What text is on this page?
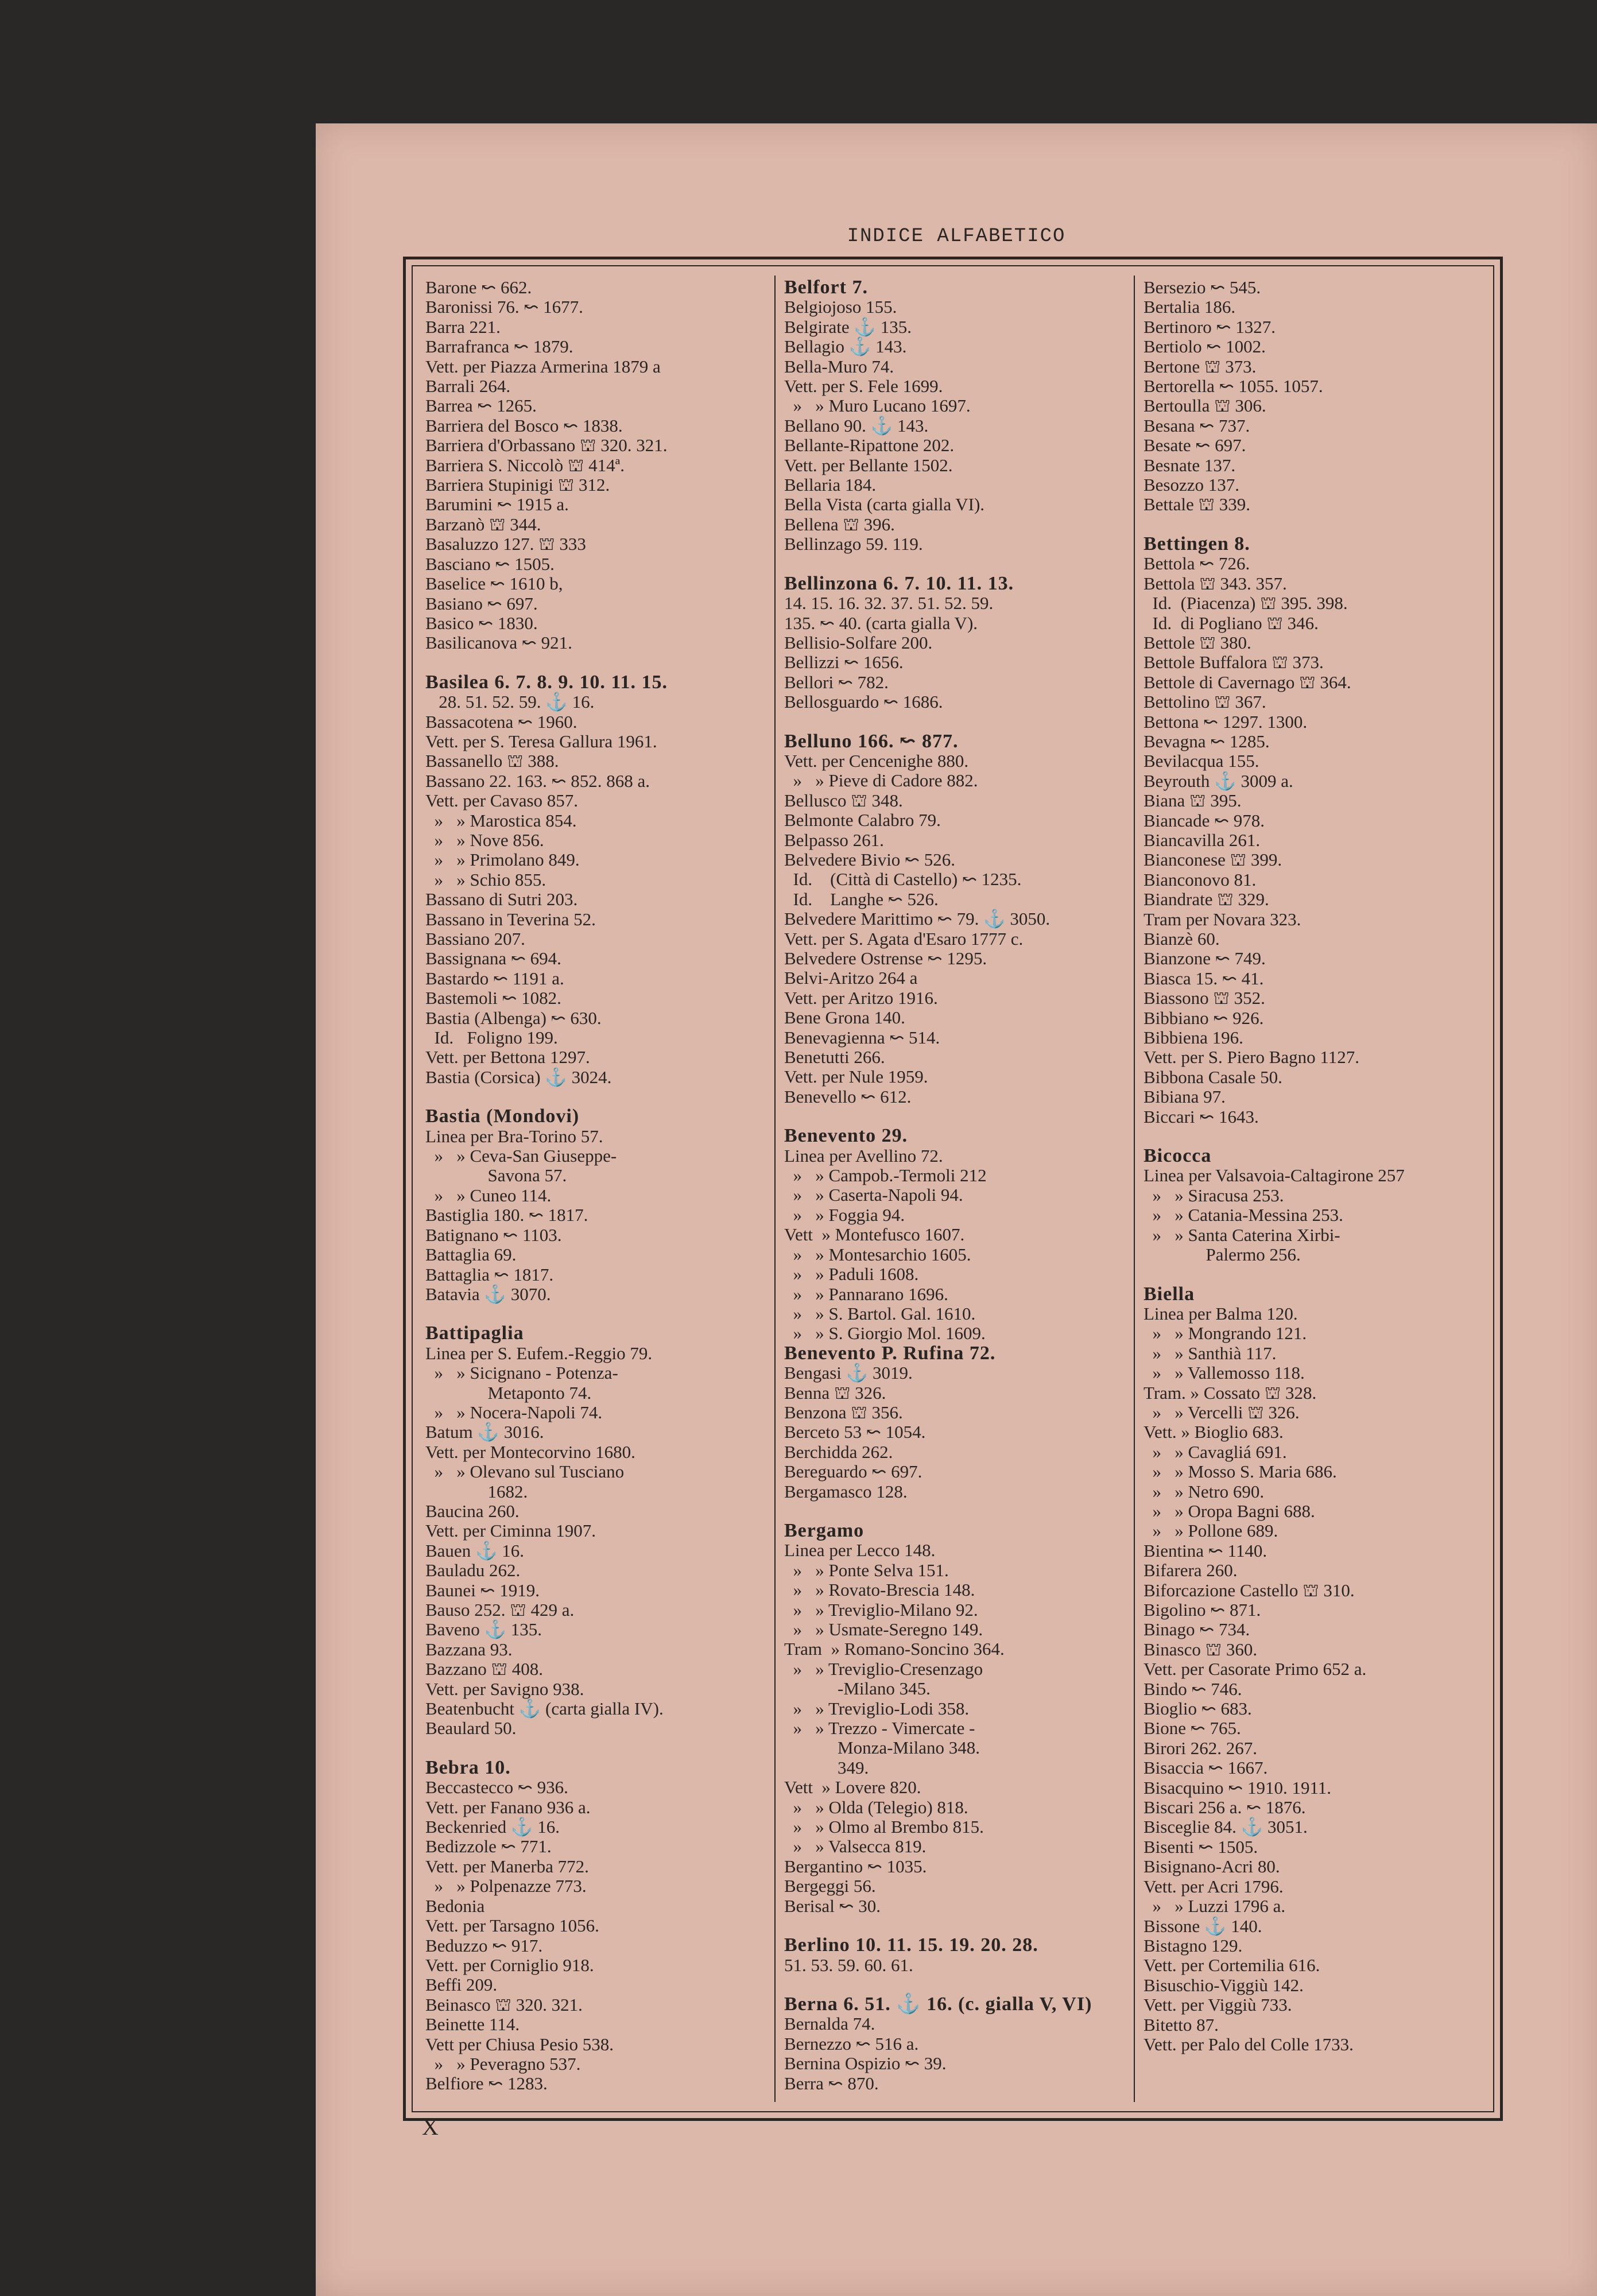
INDICE ALFABETICO
Barone ↜ 662.
Baronissi 76. ↜ 1677.
Barra 221.
Barrafranca ↜ 1879.
Vett. per Piazza Armerina 1879 a
Barrali 264.
Barrea ↜ 1265.
Barriera del Bosco ↜ 1838.
Barriera d'Orbassano ⛫ 320. 321.
Barriera S. Niccolò ⛫ 414ª.
Barriera Stupinigi ⛫ 312.
Barumini ↜ 1915 a.
Barzanò ⛫ 344.
Basaluzzo 127. ⛫ 333
Basciano ↜ 1505.
Baselice ↜ 1610 b,
Basiano ↜ 697.
Basico ↜ 1830.
Basilicanova ↜ 921.
Basilea 6. 7. 8. 9. 10. 11. 15.
28. 51. 52. 59. ⚓ 16.
Bassacotena ↜ 1960.
Vett. per S. Teresa Gallura 1961.
Bassanello ⛫ 388.
Bassano 22. 163. ↜ 852. 868 a.
Vett. per Cavaso 857.
»   » Marostica 854.
»   » Nove 856.
»   » Primolano 849.
»   » Schio 855.
Bassano di Sutri 203.
Bassano in Teverina 52.
Bassiano 207.
Bassignana ↜ 694.
Bastardo ↜ 1191 a.
Bastemoli ↜ 1082.
Bastia (Albenga) ↜ 630.
Id.   Foligno 199.
Vett. per Bettona 1297.
Bastia (Corsica) ⚓ 3024.
Bastia (Mondovi)
Linea per Bra-Torino 57.
»   » Ceva-San Giuseppe-
Savona 57.
»   » Cuneo 114.
Bastiglia 180. ↜ 1817.
Batignano ↜ 1103.
Battaglia 69.
Battaglia ↜ 1817.
Batavia ⚓ 3070.
Battipaglia
Linea per S. Eufem.-Reggio 79.
»   » Sicignano - Potenza-
Metaponto 74.
»   » Nocera-Napoli 74.
Batum ⚓ 3016.
Vett. per Montecorvino 1680.
»   » Olevano sul Tusciano
1682.
Baucina 260.
Vett. per Ciminna 1907.
Bauen ⚓ 16.
Bauladu 262.
Baunei ↜ 1919.
Bauso 252. ⛫ 429 a.
Baveno ⚓ 135.
Bazzana 93.
Bazzano ⛫ 408.
Vett. per Savigno 938.
Beatenbucht ⚓ (carta gialla IV).
Beaulard 50.
Bebra 10.
Beccastecco ↜ 936.
Vett. per Fanano 936 a.
Beckenried ⚓ 16.
Bedizzole ↜ 771.
Vett. per Manerba 772.
»   » Polpenazze 773.
Bedonia
Vett. per Tarsagno 1056.
Beduzzo ↜ 917.
Vett. per Corniglio 918.
Beffi 209.
Beinasco ⛫ 320. 321.
Beinette 114.
Vett per Chiusa Pesio 538.
»   » Peveragno 537.
Belfiore ↜ 1283.
Belfort 7.
Belgiojoso 155.
Belgirate ⚓ 135.
Bellagio ⚓ 143.
Bella-Muro 74.
Vett. per S. Fele 1699.
»   » Muro Lucano 1697.
Bellano 90. ⚓ 143.
Bellante-Ripattone 202.
Vett. per Bellante 1502.
Bellaria 184.
Bella Vista (carta gialla VI).
Bellena ⛫ 396.
Bellinzago 59. 119.
Bellinzona 6. 7. 10. 11. 13.
14. 15. 16. 32. 37. 51. 52. 59.
135. ↜ 40. (carta gialla V).
Bellisio-Solfare 200.
Bellizzi ↜ 1656.
Bellori ↜ 782.
Bellosguardo ↜ 1686.
Belluno 166. ↜ 877.
Vett. per Cencenighe 880.
»   » Pieve di Cadore 882.
Bellusco ⛫ 348.
Belmonte Calabro 79.
Belpasso 261.
Belvedere Bivio ↜ 526.
Id.    (Città di Castello) ↜ 1235.
Id.    Langhe ↜ 526.
Belvedere Marittimo ↜ 79. ⚓ 3050.
Vett. per S. Agata d'Esaro 1777 c.
Belvedere Ostrense ↜ 1295.
Belvi-Aritzo 264 a
Vett. per Aritzo 1916.
Bene Grona 140.
Benevagienna ↜ 514.
Benetutti 266.
Vett. per Nule 1959.
Benevello ↜ 612.
Benevento 29.
Linea per Avellino 72.
»   » Campob.-Termoli 212
»   » Caserta-Napoli 94.
»   » Foggia 94.
Vett  » Montefusco 1607.
»   » Montesarchio 1605.
»   » Paduli 1608.
»   » Pannarano 1696.
»   » S. Bartol. Gal. 1610.
»   » S. Giorgio Mol. 1609.
Benevento P. Rufina 72.
Bengasi ⚓ 3019.
Benna ⛫ 326.
Benzona ⛫ 356.
Berceto 53 ↜ 1054.
Berchidda 262.
Bereguardo ↜ 697.
Bergamasco 128.
Bergamo
Linea per Lecco 148.
»   » Ponte Selva 151.
»   » Rovato-Brescia 148.
»   » Treviglio-Milano 92.
»   » Usmate-Seregno 149.
Tram  » Romano-Soncino 364.
»   » Treviglio-Cresenzago
-Milano 345.
»   » Treviglio-Lodi 358.
»   » Trezzo - Vimercate -
Monza-Milano 348.
349.
Vett  » Lovere 820.
»   » Olda (Telegio) 818.
»   » Olmo al Brembo 815.
»   » Valsecca 819.
Bergantino ↜ 1035.
Bergeggi 56.
Berisal ↜ 30.
Berlino 10. 11. 15. 19. 20. 28.
51. 53. 59. 60. 61.
Berna 6. 51. ⚓ 16. (c. gialla V, VI)
Bernalda 74.
Bernezzo ↜ 516 a.
Bernina Ospizio ↜ 39.
Berra ↜ 870.
Bersezio ↜ 545.
Bertalia 186.
Bertinoro ↜ 1327.
Bertiolo ↜ 1002.
Bertone ⛫ 373.
Bertorella ↜ 1055. 1057.
Bertoulla ⛫ 306.
Besana ↜ 737.
Besate ↜ 697.
Besnate 137.
Besozzo 137.
Bettale ⛫ 339.
Bettingen 8.
Bettola ↜ 726.
Bettola ⛫ 343. 357.
Id.  (Piacenza) ⛫ 395. 398.
Id.  di Pogliano ⛫ 346.
Bettole ⛫ 380.
Bettole Buffalora ⛫ 373.
Bettole di Cavernago ⛫ 364.
Bettolino ⛫ 367.
Bettona ↜ 1297. 1300.
Bevagna ↜ 1285.
Bevilacqua 155.
Beyrouth ⚓ 3009 a.
Biana ⛫ 395.
Biancade ↜ 978.
Biancavilla 261.
Bianconese ⛫ 399.
Bianconovo 81.
Biandrate ⛫ 329.
Tram per Novara 323.
Bianzè 60.
Bianzone ↜ 749.
Biasca 15. ↜ 41.
Biassono ⛫ 352.
Bibbiano ↜ 926.
Bibbiena 196.
Vett. per S. Piero Bagno 1127.
Bibbona Casale 50.
Bibiana 97.
Biccari ↜ 1643.
Bicocca
Linea per Valsavoia-Caltagirone 257
»   » Siracusa 253.
»   » Catania-Messina 253.
»   » Santa Caterina Xirbi-
Palermo 256.
Biella
Linea per Balma 120.
»   » Mongrando 121.
»   » Santhià 117.
»   » Vallemosso 118.
Tram. » Cossato ⛫ 328.
»   » Vercelli ⛫ 326.
Vett. » Bioglio 683.
»   » Cavagliá 691.
»   » Mosso S. Maria 686.
»   » Netro 690.
»   » Oropa Bagni 688.
»   » Pollone 689.
Bientina ↜ 1140.
Bifarera 260.
Biforcazione Castello ⛫ 310.
Bigolino ↜ 871.
Binago ↜ 734.
Binasco ⛫ 360.
Vett. per Casorate Primo 652 a.
Bindo ↜ 746.
Bioglio ↜ 683.
Bione ↜ 765.
Birori 262. 267.
Bisaccia ↜ 1667.
Bisacquino ↜ 1910. 1911.
Biscari 256 a. ↜ 1876.
Bisceglie 84. ⚓ 3051.
Bisenti ↜ 1505.
Bisignano-Acri 80.
Vett. per Acri 1796.
»   » Luzzi 1796 a.
Bissone ⚓ 140.
Bistagno 129.
Vett. per Cortemilia 616.
Bisuschio-Viggiù 142.
Vett. per Viggiù 733.
Bitetto 87.
Vett. per Palo del Colle 1733.
X
